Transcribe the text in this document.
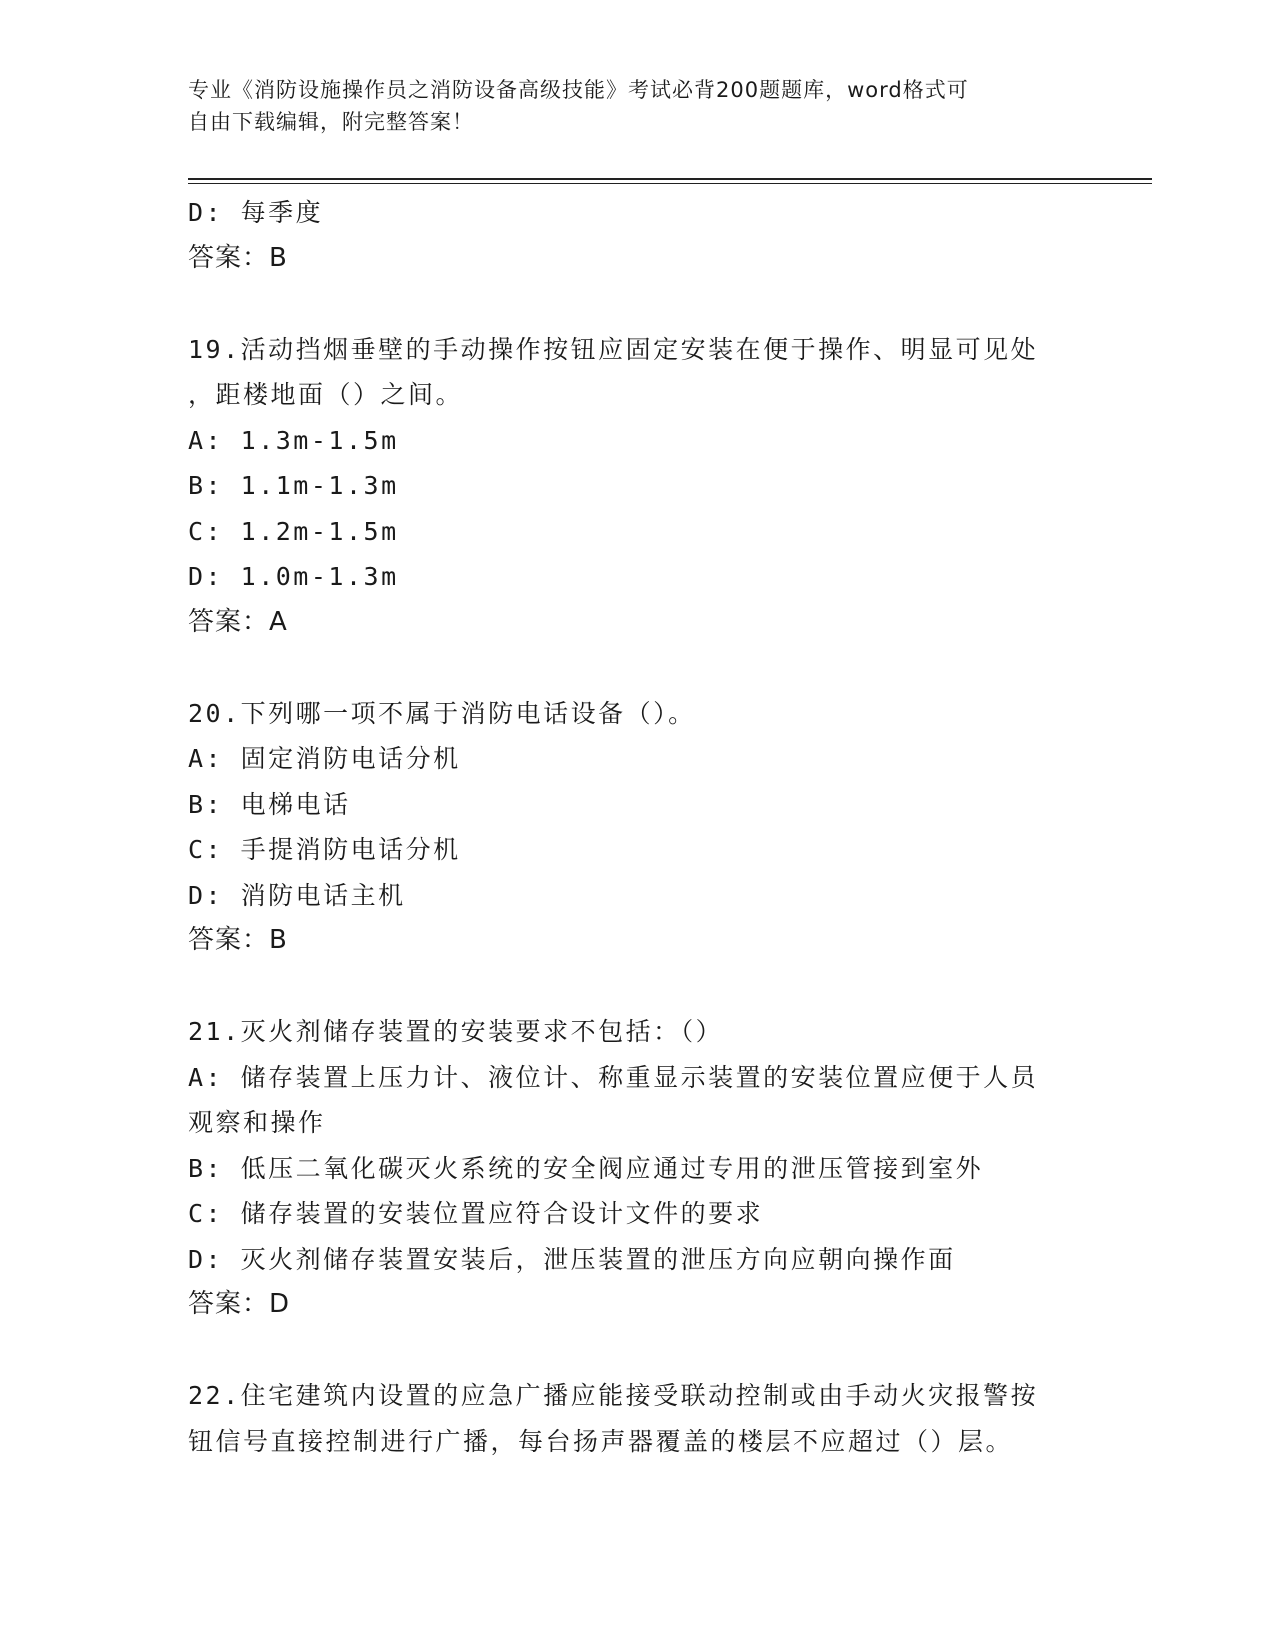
专业《消防设施操作员之消防设备高级技能》考试必背200题题库，word格式可
自由下载编辑，附完整答案！
D: 每季度
答案：B
19.活动挡烟垂壁的手动操作按钮应固定安装在便于操作、明显可见处
，距楼地面（）之间。
A: 1.3m-1.5m
B: 1.1m-1.3m
C: 1.2m-1.5m
D: 1.0m-1.3m
答案：A
20.下列哪一项不属于消防电话设备（）。
A: 固定消防电话分机
B: 电梯电话
C: 手提消防电话分机
D: 消防电话主机
答案：B
21.灭火剂储存装置的安装要求不包括：（）
A: 储存装置上压力计、液位计、称重显示装置的安装位置应便于人员
观察和操作
B: 低压二氧化碳灭火系统的安全阀应通过专用的泄压管接到室外
C: 储存装置的安装位置应符合设计文件的要求
D: 灭火剂储存装置安装后，泄压装置的泄压方向应朝向操作面
答案：D
22.住宅建筑内设置的应急广播应能接受联动控制或由手动火灾报警按
钮信号直接控制进行广播，每台扬声器覆盖的楼层不应超过（）层。
